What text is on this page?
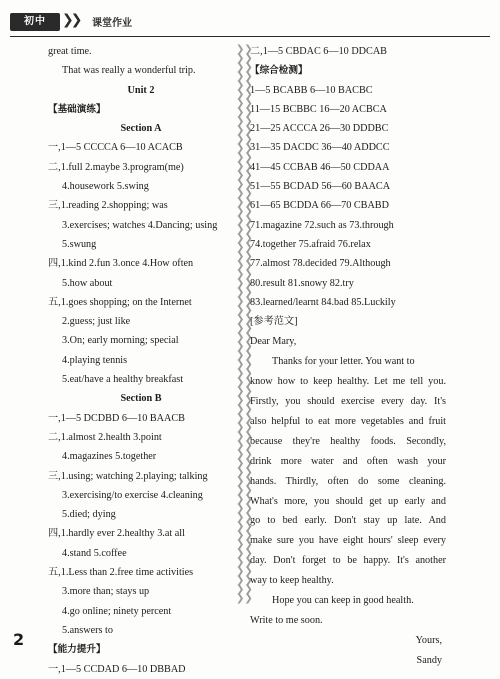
初中	❯❯ 课堂作业
❯❯
❯❯
❯❯
❯❯
❯❯
❯❯
❯❯
❯❯
❯❯
❯❯
❯❯
❯❯
❯❯
❯❯
❯❯
❯❯
❯❯
❯❯
❯❯
❯❯
❯❯
❯❯
❯❯
❯❯
❯❯
❯❯
❯❯
❯❯
❯❯
❯❯
❯❯
❯❯
❯❯
❯❯
❯❯
❯❯
❯❯
❯❯
❯❯
❯❯
❯❯
❯❯
❯❯
❯❯
❯❯
❯❯
❯❯
❯❯
❯❯
❯❯
❯❯
❯❯
❯❯
❯❯
❯❯
❯❯
❯❯
❯❯
❯❯
❯❯
❯❯
❯❯

great time.
That was really a wonderful trip.
Unit 2
【基础演练】
Section A
一,1—5 CCCCA 6—10 ACACB
二,1.full 2.maybe 3.program(me)
4.housework 5.swing
三,1.reading 2.shopping; was
3.exercises; watches 4.Dancing; using
5.swung
四,1.kind 2.fun 3.once 4.How often
5.how about
五,1.goes shopping; on the Internet
2.guess; just like
3.On; early morning; special
4.playing tennis
5.eat/have a healthy breakfast
Section B
一,1—5 DCDBD 6—10 BAACB
二,1.almost 2.health 3.point
4.magazines 5.together
三,1.using; watching 2.playing; talking
3.exercising/to exercise 4.cleaning
5.died; dying
四,1.hardly ever 2.healthy 3.at all
4.stand 5.coffee
五,1.Less than 2.free time activities
3.more than; stays up
4.go online; ninety percent
5.answers to
【能力提升】
一,1—5 CCDAD 6—10 DBBAD
二,1—5 CBDAC 6—10 DDCAB
【综合检测】
1—5 BCABB 6—10 BACBC
11—15 BCBBC 16—20 ACBCA
21—25 ACCCA 26—30 DDDBC
31—35 DACDC 36—40 ADDCC
41—45 CCBAB 46—50 CDDAA
51—55 BCDAD 56—60 BAACA
61—65 BCDDA 66—70 CBABD
71.magazine 72.such as 73.through
74.together 75.afraid 76.relax
77.almost 78.decided 79.Although
80.result 81.snowy 82.try
83.learned/learnt 84.bad 85.Luckily
[参考范文]
Dear Mary,
Thanks for your letter. You want to
know how to keep healthy. Let me tell you.
Firstly, you should exercise every day. It's
also helpful to eat more vegetables and fruit
because they're healthy foods. Secondly,
drink more water and often wash your
hands. Thirdly, often do some cleaning.
What's more, you should get up early and
go to bed early. Don't stay up late. And
make sure you have eight hours' sleep every
day. Don't forget to be happy. It's another
way to keep healthy.
Hope you can keep in good health.
Write to me soon.
Yours,
Sandy
2
